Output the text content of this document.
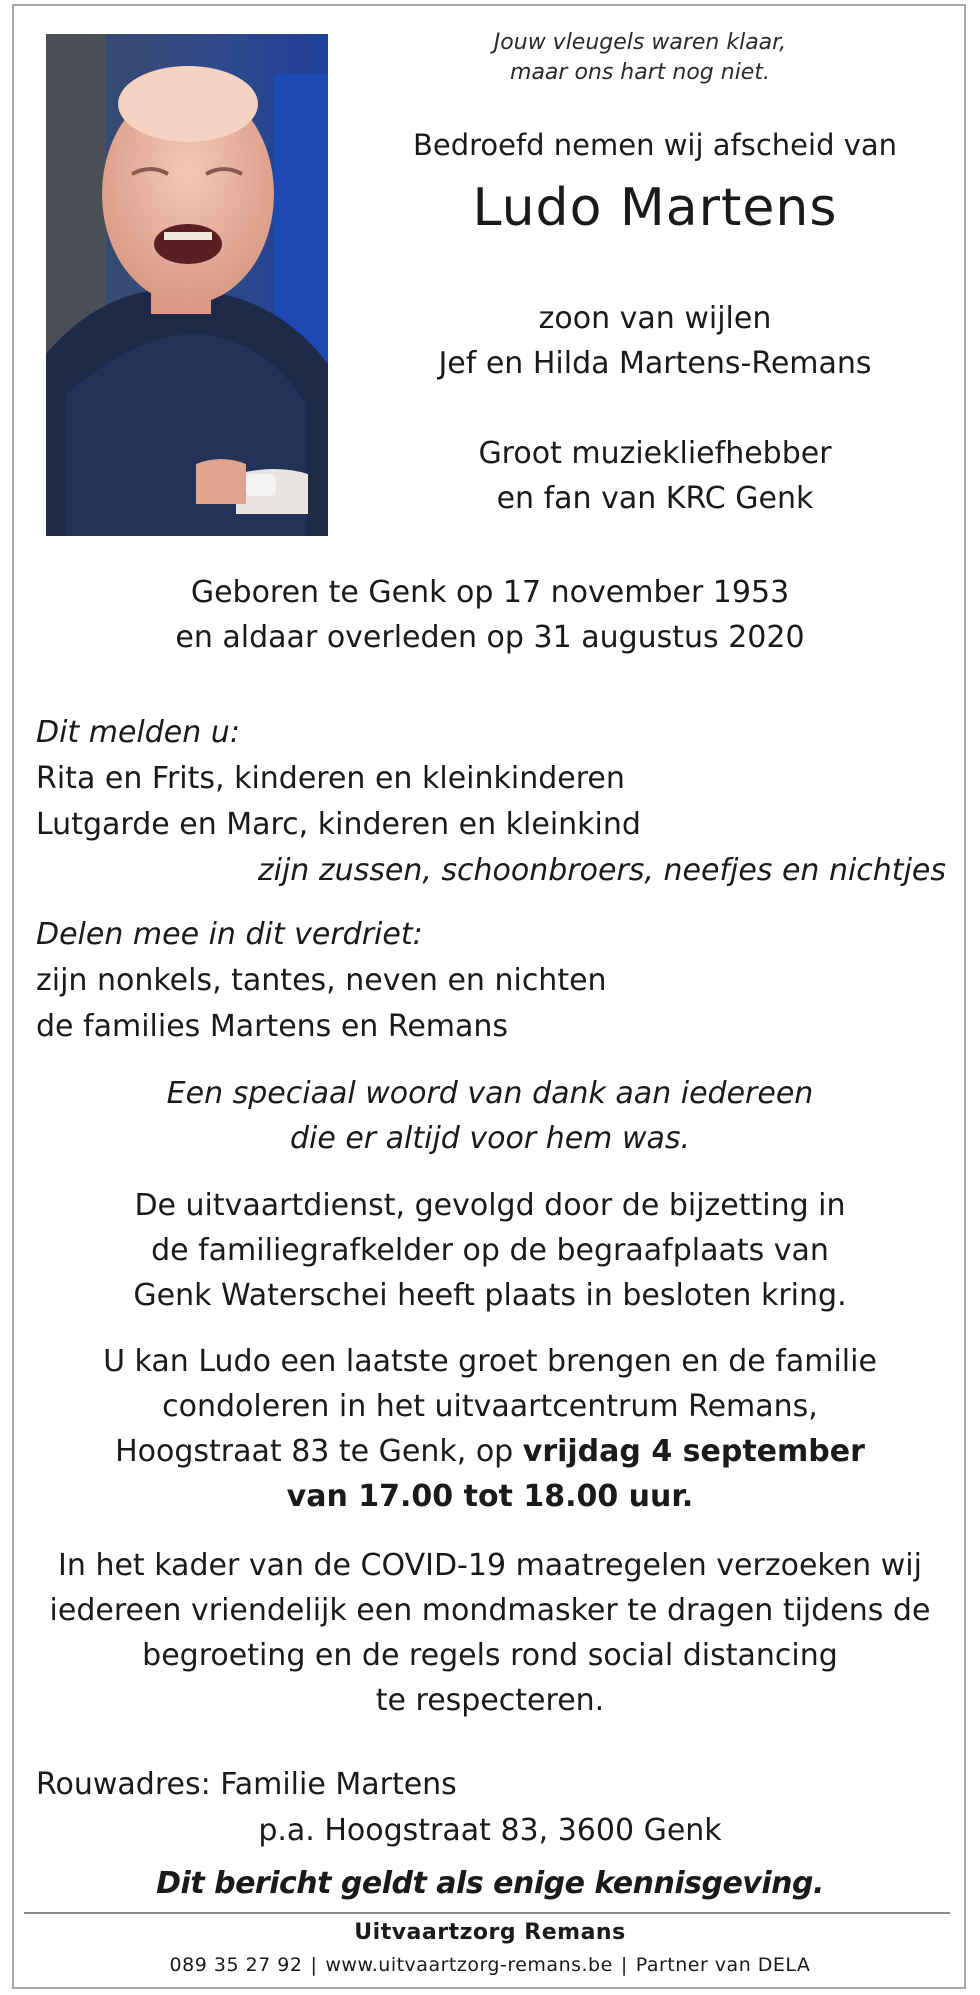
Jouw vleugels waren klaar,
maar ons hart nog niet.
Bedroefd nemen wij afscheid van
Ludo Martens
zoon van wijlen
Jef en Hilda Martens-Remans
Groot muziekliefhebber
en fan van KRC Genk
Geboren te Genk op 17 november 1953
en aldaar overleden op 31 augustus 2020
Dit melden u:
Rita en Frits, kinderen en kleinkinderen
Lutgarde en Marc, kinderen en kleinkind
zijn zussen, schoonbroers, neefjes en nichtjes
Delen mee in dit verdriet:
zijn nonkels, tantes, neven en nichten
de families Martens en Remans
Een speciaal woord van dank aan iedereen
die er altijd voor hem was.
De uitvaartdienst, gevolgd door de bijzetting in
de familiegrafkelder op de begraafplaats van
Genk Waterschei heeft plaats in besloten kring.
U kan Ludo een laatste groet brengen en de familie
condoleren in het uitvaartcentrum Remans,
Hoogstraat 83 te Genk, op vrijdag 4 september
van 17.00 tot 18.00 uur.
In het kader van de COVID-19 maatregelen verzoeken wij
iedereen vriendelijk een mondmasker te dragen tijdens de
begroeting en de regels rond social distancing
te respecteren.
Rouwadres: Familie Martens
p.a. Hoogstraat 83, 3600 Genk
Dit bericht geldt als enige kennisgeving.
Uitvaartzorg Remans
089 35 27 92 | www.uitvaartzorg-remans.be | Partner van DELA
